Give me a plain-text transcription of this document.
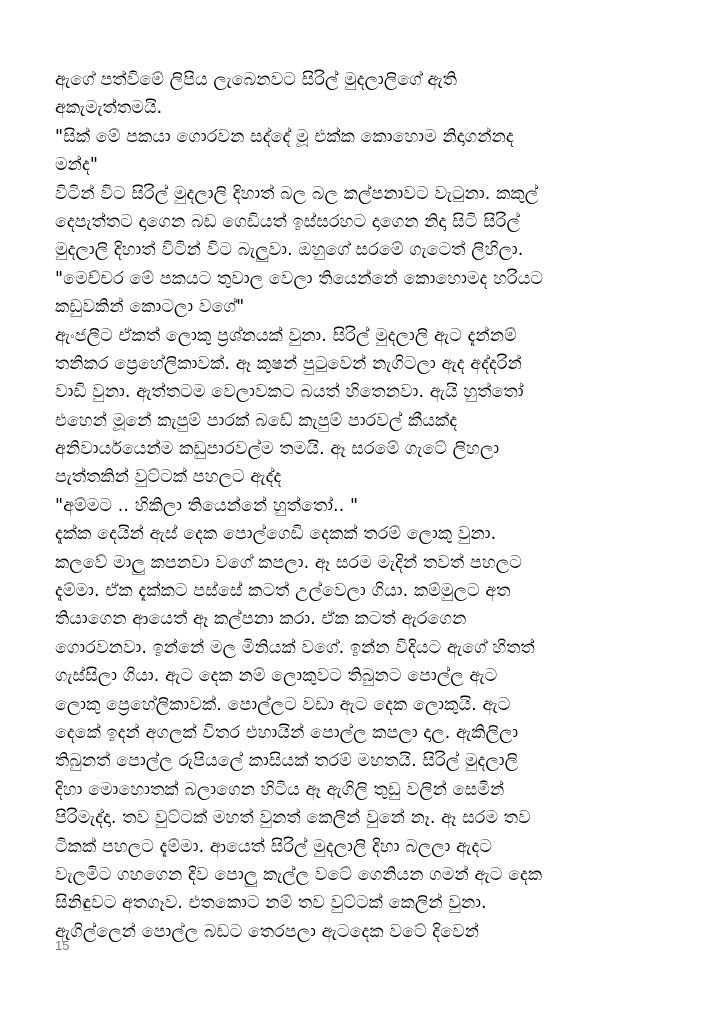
ඇගේ පත්විමේ ලිපිය ලැබෙනවට සිරිල් මුදලාලිගේ ඇති
අකැමැත්තමයි.
"සික් මේ පකයා ගොරවන සද්දේ මූ එක්ක කොහොම නිදාගන්නද
මන්ද"
විටින් විට සිරිල් මුදලාලි දිහාත් බල බල කල්පනාවට වැටුනා. කකුල්
දෙපැත්තට දාගෙන බඩ ගෙඩියත් ඉස්සරහට දාගෙන නිදා සිටි සිරිල්
මුදලාලි දිහාත් විටින් විට බැලුවා. ඔහුගේ සරමේ ගැටෙත් ලිහිලා.
"මෙච්චර මේ පකයට තුවාල වෙලා තියෙන්නේ කොහොමද හරියට
කඩුවකින් කොටලා වගේ"
ඇංජලීට ඒකත් ලොකු ප්‍රශ්නයක් වුනා. සිරිල් මුදලාලි ඇට දැන්නම්
තනිකර ප්‍රෙහේලිකාවක්. ඈ කුෂන් පුටුවෙන් නැගිටලා ඇද අද්දරින්
වාඩි වුනා. ඇත්තටම වෙලාවකට බයත් හිතෙනවා. ඇයි හුත්තෝ
එහෙන් මූනේ කැපුම් පාරක් බඩේ කැපුම් පාරවල් කීයක්ද
අනිවාර්යයෙන්ම කඩුපාරවල්ම තමයි. ඈ සරමේ ගැටේ ලිහලා
පැත්තකින් වුට්ටක් පහලට ඇද්ද
"අම්මට .. හිකිලා තියෙන්නේ හුත්තෝ.. "
දැක්ක දෙයින් ඇස් දෙක පොල්ගෙඩි දෙකක් තරම් ලොකු වුනා.
කලවේ මාලු කපනවා වගේ කපලා. ඈ සරම මැදින් තවත් පහලට
දැම්මා. ඒක දැක්කට පස්සේ කටත් උල්වෙලා ගියා. කම්මුලට අත
තියාගෙන ආයෙත් ඈ කල්පනා කරා. ඒක කටත් ඇරගෙන
ගොරවනවා. ඉන්නේ මල මිනියක් වගේ. ඉන්න විදියට ඇගේ හිතත්
ගැස්සිලා ගියා. ඇට දෙක නම් ලොකුවට තිබුනට පොල්ල ඇට
ලොකු ප්‍රෙහේලිකාවක්. පොල්ලට වඩා ඇට දෙක ලොකුයි. ඇට
දෙකේ ඉදන් අගලක් විතර එහායින් පොල්ල කපලා දාල. ඇකිලිලා
තිබුනත් පොල්ල රුපියලේ කාසියක් තරම් මහතයි. සිරිල් මුදලාලි
දිහා මොහොතක් බලාගෙන හිටිය ඈ ඇගිලි තුඩු වලින් සෙමින්
පිරිමැද්දා. තව වුට්ටක් මහත් වුනත් කෙලින් වුනේ නෑ. ඈ සරම තව
ටිකක් පහලට දැම්මා. ආයෙත් සිරිල් මුදලාලි දිහා බලලා ඇදට
වැලමිට ගහගෙන දිව පොලු කැල්ල වටේ ගෙනියන ගමන් ඇට දෙක
සිනිඳුවට අතගෑව. එතකොට නම් තව වුට්ටක් කෙලින් වුනා.
ඇගිල්ලෙන් පොල්ල බඩට තෙරපලා ඇටදෙක වටේ දිවෙන්
15
